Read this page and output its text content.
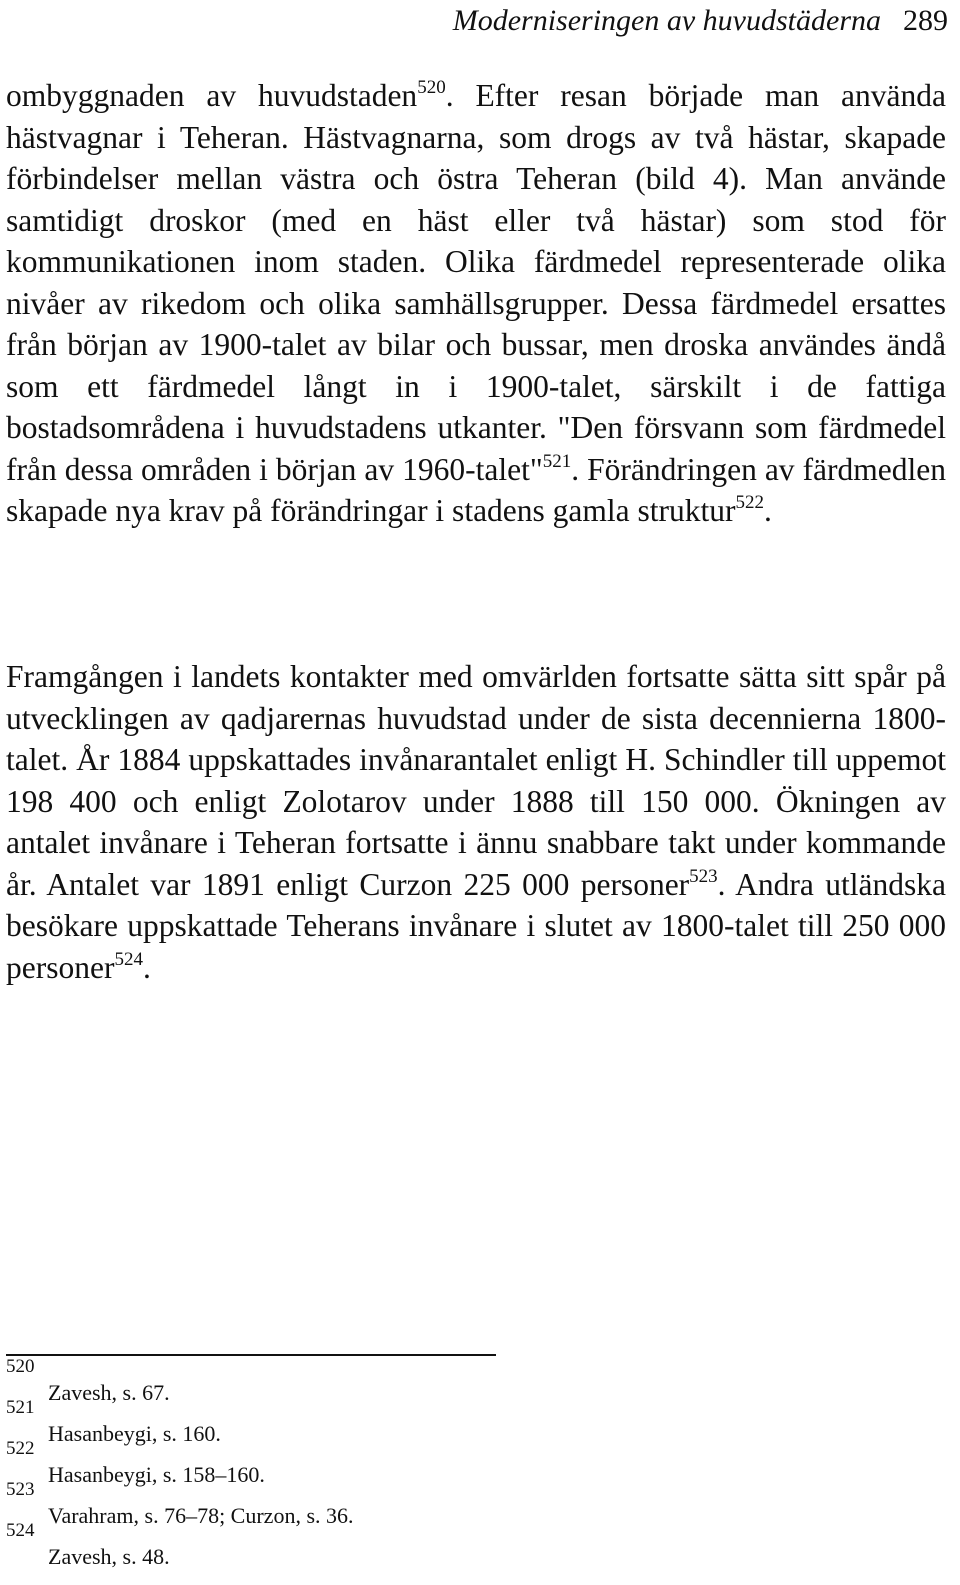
Moderniseringen av huvudstäderna 289

ombyggnaden av huvudstaden$^{520}$. Efter resan började man använda hästvagnar i Teheran. Hästvagnarna, som drogs av två hästar, skapade förbindelser mellan västra och östra Teheran (bild 4). Man använde samtidigt droskor (med en häst eller två hästar) som stod för kommunikationen inom staden. Olika färdmedel representerade olika nivåer av rikedom och olika samhällsgrupper. Dessa färdmedel ersattes från början av 1900-talet av bilar och bussar, men droska användes ändå som ett färdmedel långt in i 1900-talet, särskilt i de fattiga bostadsområdena i huvudstadens utkanter. "Den försvann som färdmedel från dessa områden i början av 1960-talet"$^{521}$. Förändringen av färdmedlen skapade nya krav på förändringar i stadens gamla struktur$^{522}$.

Framgången i landets kontakter med omvärlden fortsatte sätta sitt spår på utvecklingen av qadjarernas huvudstad under de sista decennierna 1800-talet. År 1884 uppskattades invånarantalet enligt H. Schindler till uppemot 198 400 och enligt Zolotarov under 1888 till 150 000. Ökningen av antalet invånare i Teheran fortsatte i ännu snabbare takt under kommande år. Antalet var 1891 enligt Curzon 225 000 personer$^{523}$. Andra utländska besökare uppskattade Teherans invånare i slutet av 1800-talet till 250 000 personer$^{524}$.

520
Zavesh, s. 67.
521
Hasanbeygi, s. 160.
522
Hasanbeygi, s. 158–160.
523
Varahram, s. 76–78; Curzon, s. 36.
524
Zavesh, s. 48.
